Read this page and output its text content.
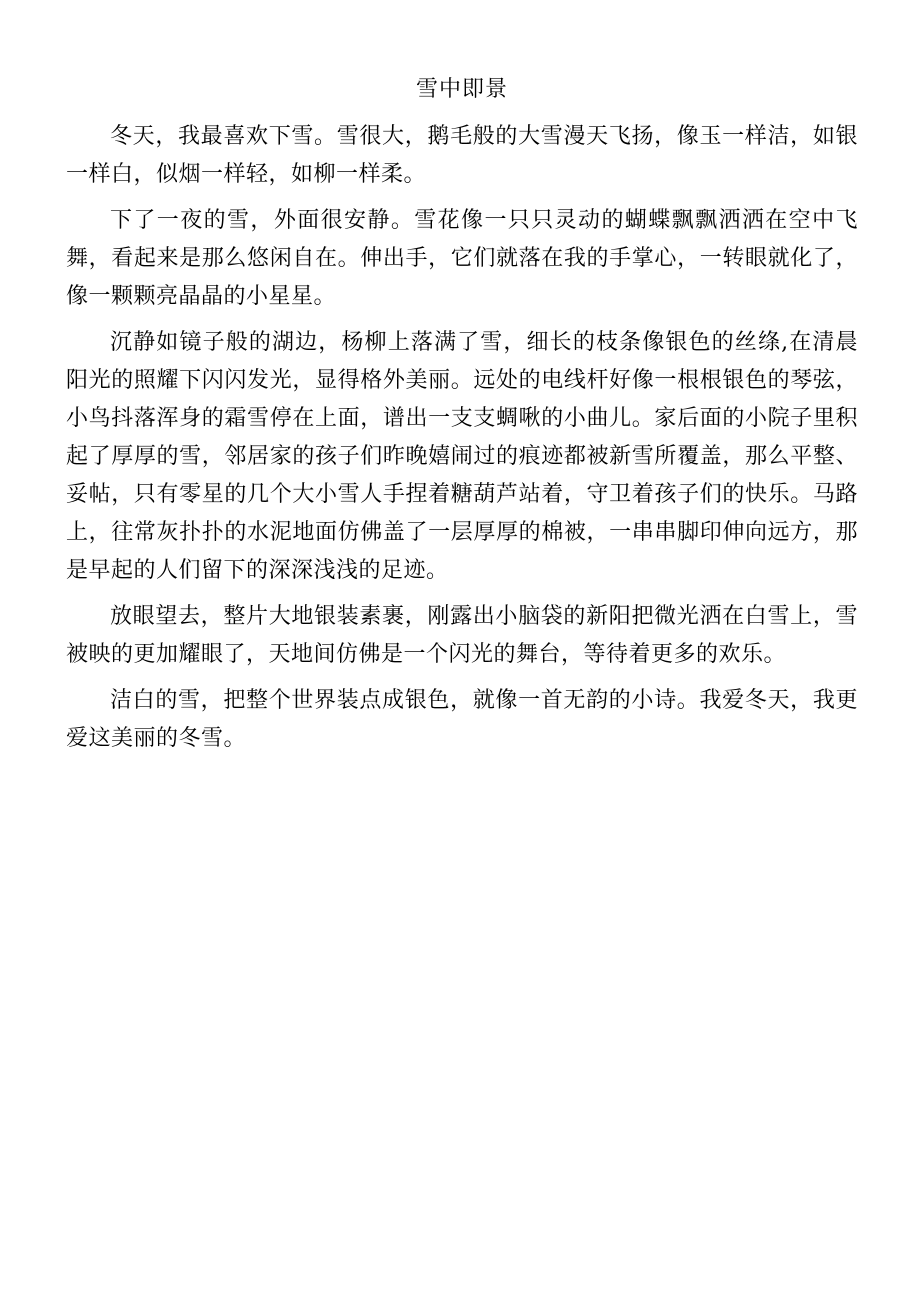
雪中即景

冬天，我最喜欢下雪。雪很大，鹅毛般的大雪漫天飞扬，像玉一样洁，如银一样白，似烟一样轻，如柳一样柔。

下了一夜的雪，外面很安静。雪花像一只只灵动的蝴蝶飘飘洒洒在空中飞舞，看起来是那么悠闲自在。伸出手，它们就落在我的手掌心，一转眼就化了，像一颗颗亮晶晶的小星星。

沉静如镜子般的湖边，杨柳上落满了雪，细长的枝条像银色的丝绦,在清晨阳光的照耀下闪闪发光，显得格外美丽。远处的电线杆好像一根根银色的琴弦，小鸟抖落浑身的霜雪停在上面，谱出一支支蜩啾的小曲儿。家后面的小院子里积起了厚厚的雪，邻居家的孩子们昨晚嬉闹过的痕迹都被新雪所覆盖，那么平整、妥帖，只有零星的几个大小雪人手捏着糖葫芦站着，守卫着孩子们的快乐。马路上，往常灰扑扑的水泥地面仿佛盖了一层厚厚的棉被，一串串脚印伸向远方，那是早起的人们留下的深深浅浅的足迹。

放眼望去，整片大地银装素裹，刚露出小脑袋的新阳把微光洒在白雪上，雪被映的更加耀眼了，天地间仿佛是一个闪光的舞台，等待着更多的欢乐。

洁白的雪，把整个世界装点成银色，就像一首无韵的小诗。我爱冬天，我更爱这美丽的冬雪。
